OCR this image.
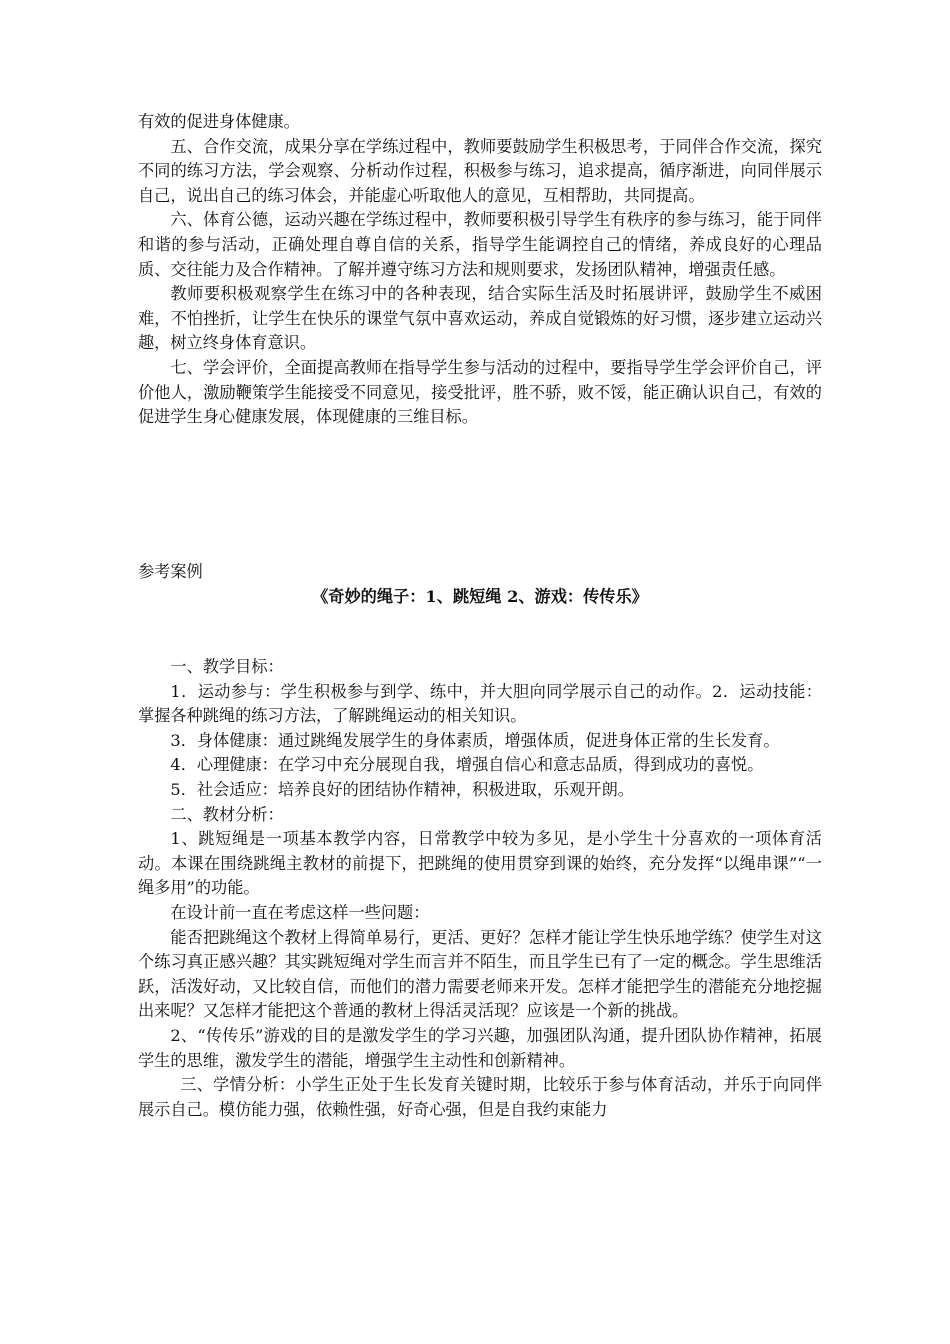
有效的促进身体健康。

五、合作交流，成果分享在学练过程中，教师要鼓励学生积极思考，于同伴合作交流，探究不同的练习方法，学会观察、分析动作过程，积极参与练习，追求提高，循序渐进，向同伴展示自己，说出自己的练习体会，并能虚心听取他人的意见，互相帮助，共同提高。

六、体育公德，运动兴趣在学练过程中，教师要积极引导学生有秩序的参与练习，能于同伴和谐的参与活动，正确处理自尊自信的关系，指导学生能调控自己的情绪，养成良好的心理品质、交往能力及合作精神。了解并遵守练习方法和规则要求，发扬团队精神，增强责任感。

教师要积极观察学生在练习中的各种表现，结合实际生活及时拓展讲评，鼓励学生不威困难，不怕挫折，让学生在快乐的课堂气氛中喜欢运动，养成自觉锻炼的好习惯，逐步建立运动兴趣，树立终身体育意识。

七、学会评价，全面提高教师在指导学生参与活动的过程中，要指导学生学会评价自己，评价他人，激励鞭策学生能接受不同意见，接受批评，胜不骄，败不馁，能正确认识自己，有效的促进学生身心健康发展，体现健康的三维目标。

参考案例

《奇妙的绳子：1、跳短绳 2、游戏：传传乐》

一、教学目标：

1．运动参与：学生积极参与到学、练中，并大胆向同学展示自己的动作。2．运动技能：掌握各种跳绳的练习方法，了解跳绳运动的相关知识。

3．身体健康：通过跳绳发展学生的身体素质，增强体质，促进身体正常的生长发育。

4．心理健康：在学习中充分展现自我，增强自信心和意志品质，得到成功的喜悦。

5．社会适应：培养良好的团结协作精神，积极进取，乐观开朗。

二、教材分析：

1、跳短绳是一项基本教学内容，日常教学中较为多见，是小学生十分喜欢的一项体育活动。本课在围绕跳绳主教材的前提下，把跳绳的使用贯穿到课的始终，充分发挥“以绳串课”“一绳多用”的功能。

在设计前一直在考虑这样一些问题：

能否把跳绳这个教材上得简单易行，更活、更好？怎样才能让学生快乐地学练？使学生对这个练习真正感兴趣？其实跳短绳对学生而言并不陌生，而且学生已有了一定的概念。学生思维活跃，活泼好动，又比较自信，而他们的潜力需要老师来开发。怎样才能把学生的潜能充分地挖掘出来呢？又怎样才能把这个普通的教材上得活灵活现？应该是一个新的挑战。

2、“传传乐”游戏的目的是激发学生的学习兴趣，加强团队沟通，提升团队协作精神，拓展学生的思维，激发学生的潜能，增强学生主动性和创新精神。

三、学情分析：小学生正处于生长发育关键时期，比较乐于参与体育活动，并乐于向同伴展示自己。模仿能力强，依赖性强，好奇心强，但是自我约束能力
